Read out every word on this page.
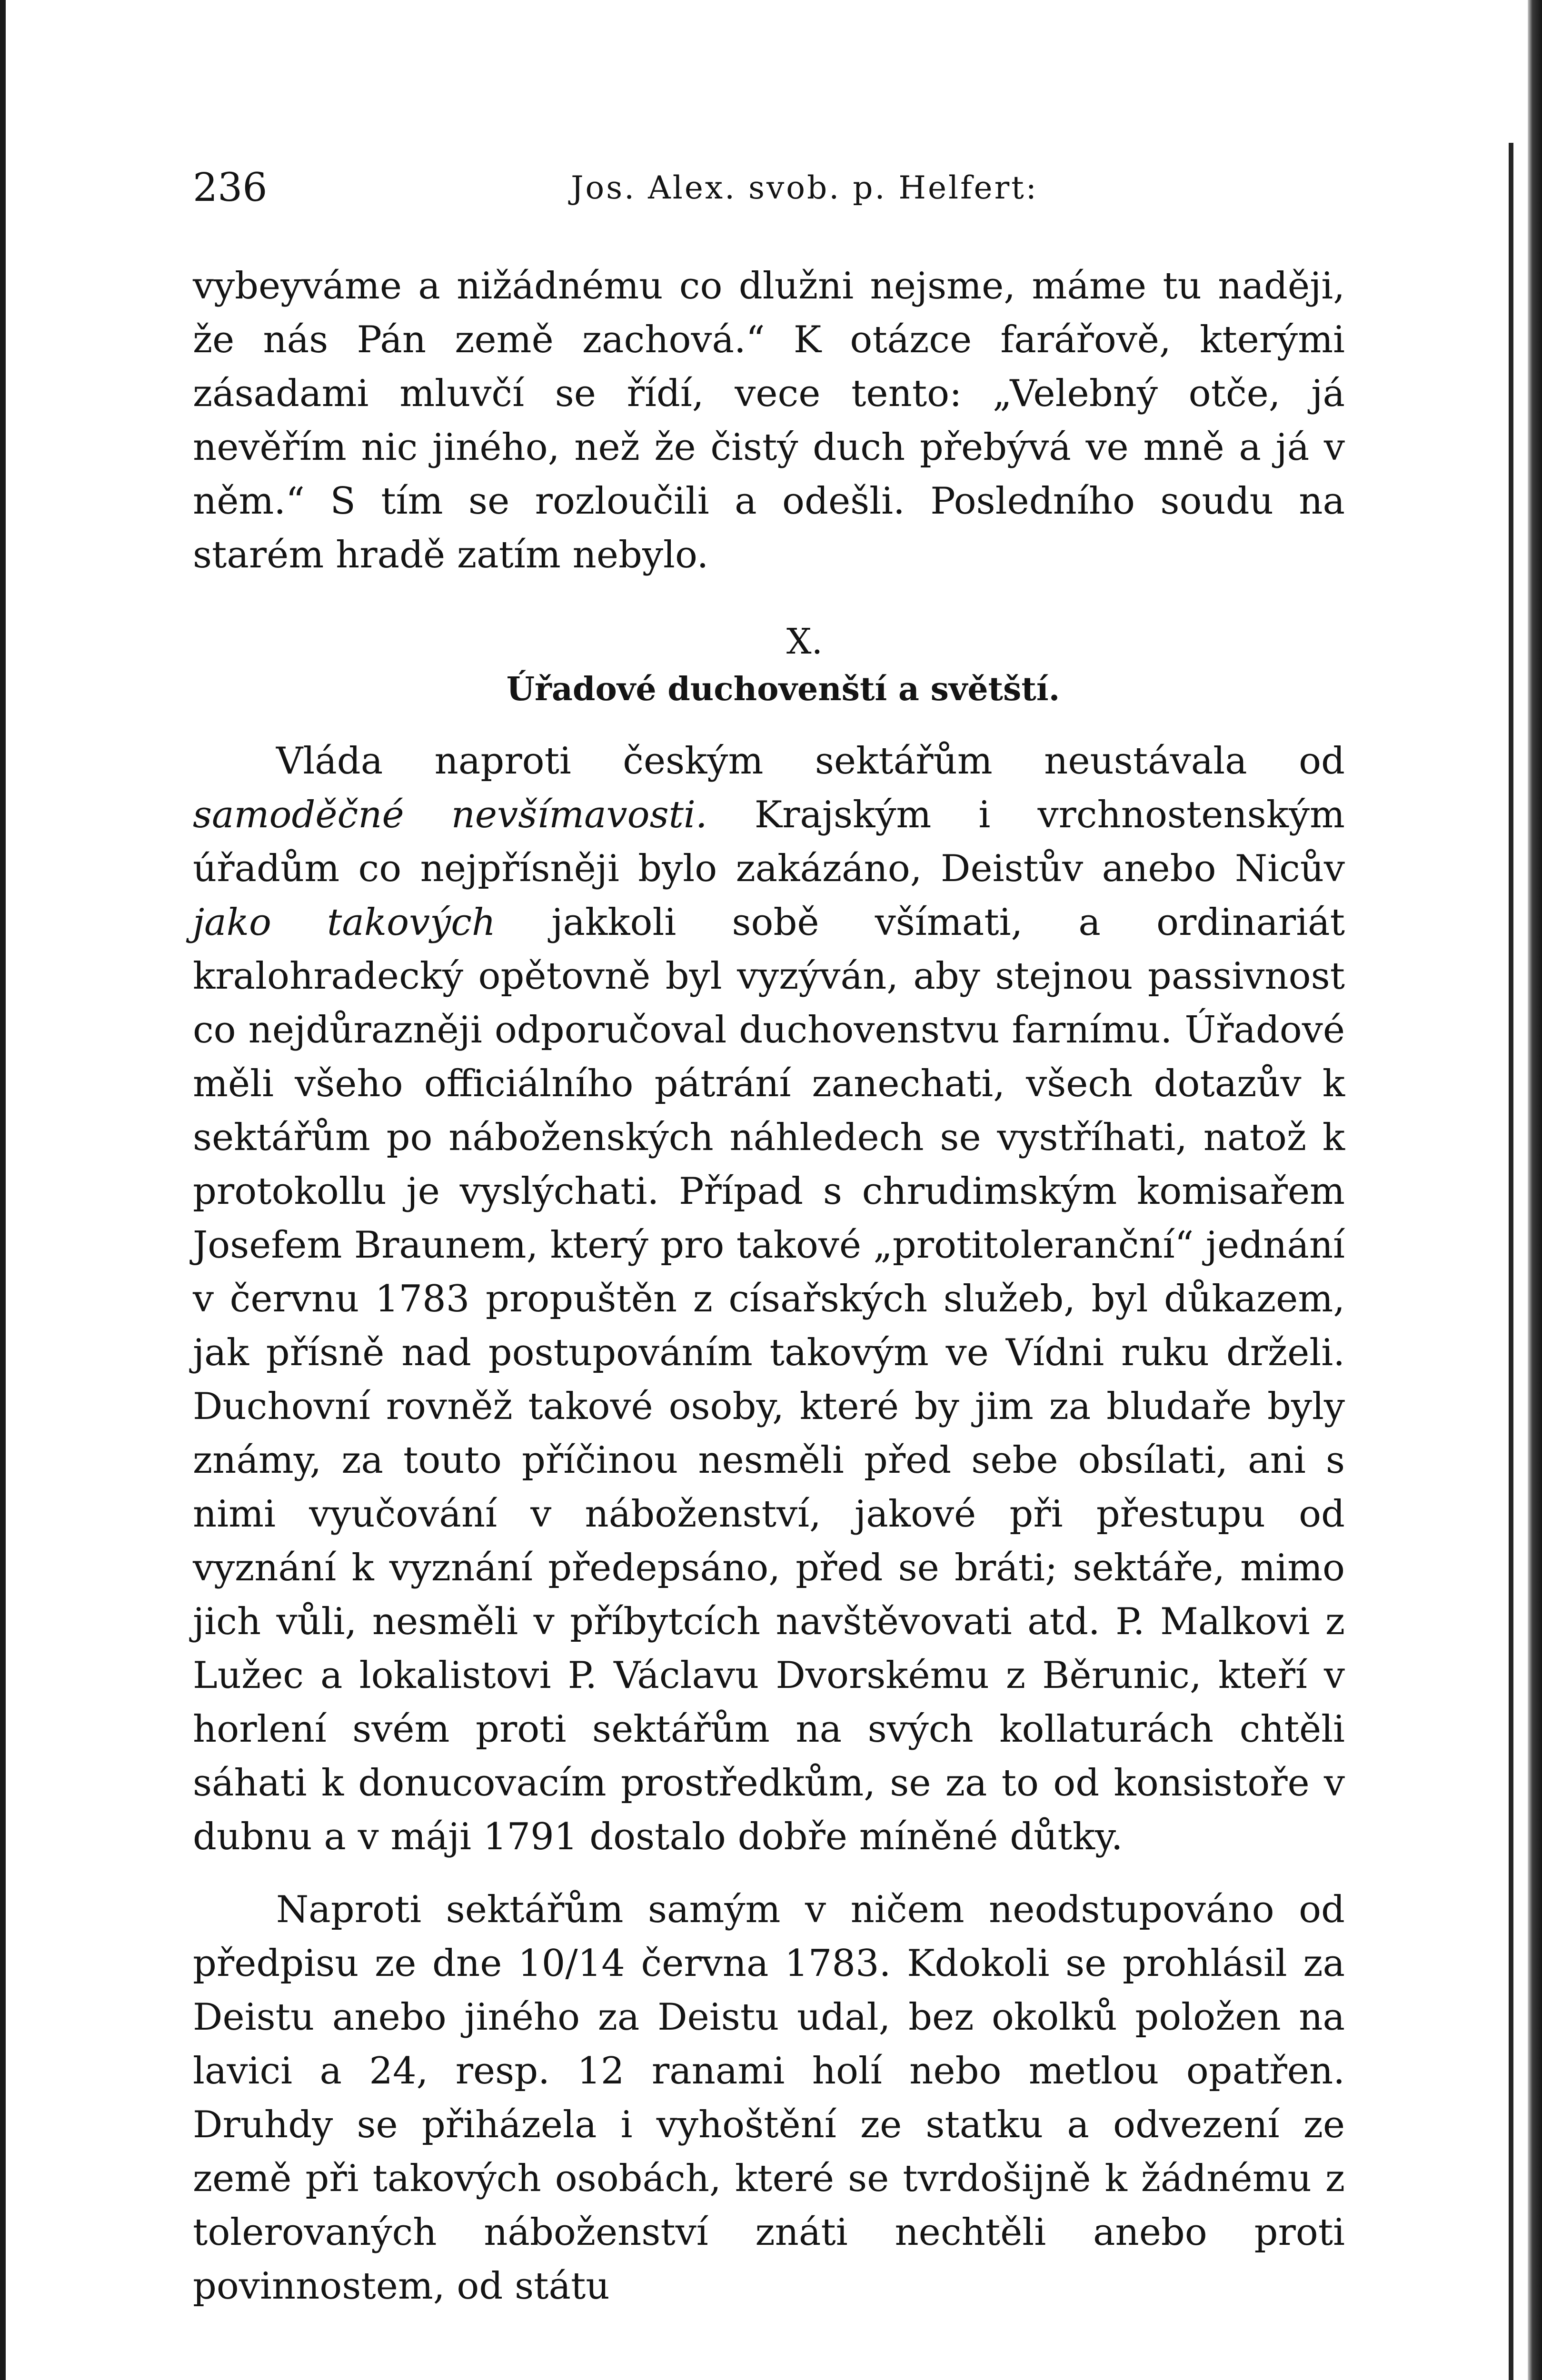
236	Jos. Alex. svob. p. Helfert:

vybeyváme a nižádnému co dlužni nejsme, máme tu naději, že nás Pán země zachová.“ K otázce farářově, kterými zásadami mluvčí se řídí, vece tento: „Velebný otče, já nevěřím nic jiného, než že čistý duch přebývá ve mně a já v něm.“ S tím se rozloučili a odešli. Posledního soudu na starém hradě zatím nebylo.

X.
Úřadové duchovenští a světští.

Vláda naproti českým sektářům neustávala od samoděčné nevšímavosti. Krajským i vrchnostenským úřadům co nejpřísněji bylo zakázáno, Deistův anebo Nicův jako takových jakkoli sobě všímati, a ordinariát kralohradecký opětovně byl vyzýván, aby stejnou passivnost co nejdůrazněji odporučoval duchovenstvu farnímu. Úřadové měli všeho officiálního pátrání zanechati, všech dotazův k sektářům po náboženských náhledech se vystříhati, natož k protokollu je vyslýchati. Případ s chrudimským komisařem Josefem Braunem, který pro takové „protitoleranční“ jednání v červnu 1783 propuštěn z císařských služeb, byl důkazem, jak přísně nad postupováním takovým ve Vídni ruku drželi. Duchovní rovněž takové osoby, které by jim za bludaře byly známy, za touto příčinou nesměli před sebe obsílati, ani s nimi vyučování v náboženství, jakové při přestupu od vyznání k vyznání předepsáno, před se bráti; sektáře, mimo jich vůli, nesměli v příbytcích navštěvovati atd. P. Malkovi z Lužec a lokalistovi P. Václavu Dvorskému z Běrunic, kteří v horlení svém proti sektářům na svých kollaturách chtěli sáhati k donucovacím prostředkům, se za to od konsistoře v dubnu a v máji 1791 dostalo dobře míněné důtky.

Naproti sektářům samým v ničem neodstupováno od předpisu ze dne 10/14 června 1783. Kdokoli se prohlásil za Deistu anebo jiného za Deistu udal, bez okolků položen na lavici a 24, resp. 12 ranami holí nebo metlou opatřen. Druhdy se přiházela i vyhoštění ze statku a odvezení ze země při takových osobách, které se tvrdošijně k žádnému z tolerovaných náboženství znáti nechtěli anebo proti povinnostem, od státu
